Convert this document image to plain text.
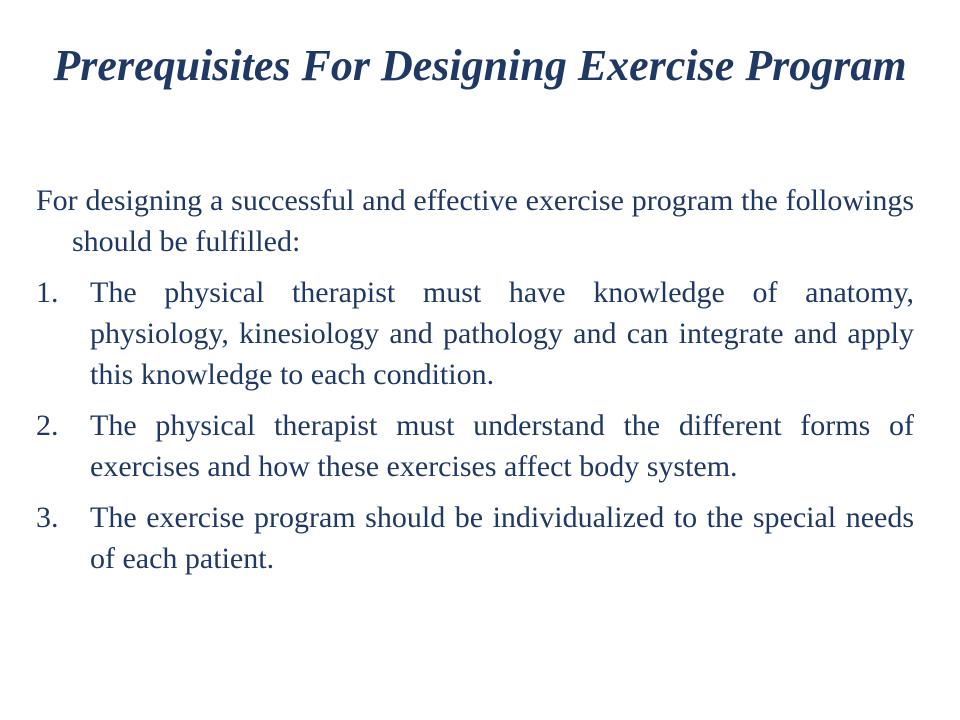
Prerequisites For Designing Exercise Program

For designing a successful and effective exercise program the followings should be fulfilled:

1. The physical therapist must have knowledge of anatomy, physiology, kinesiology and pathology and can integrate and apply this knowledge to each condition.
2. The physical therapist must understand the different forms of exercises and how these exercises affect body system.
3. The exercise program should be individualized to the special needs of each patient.
